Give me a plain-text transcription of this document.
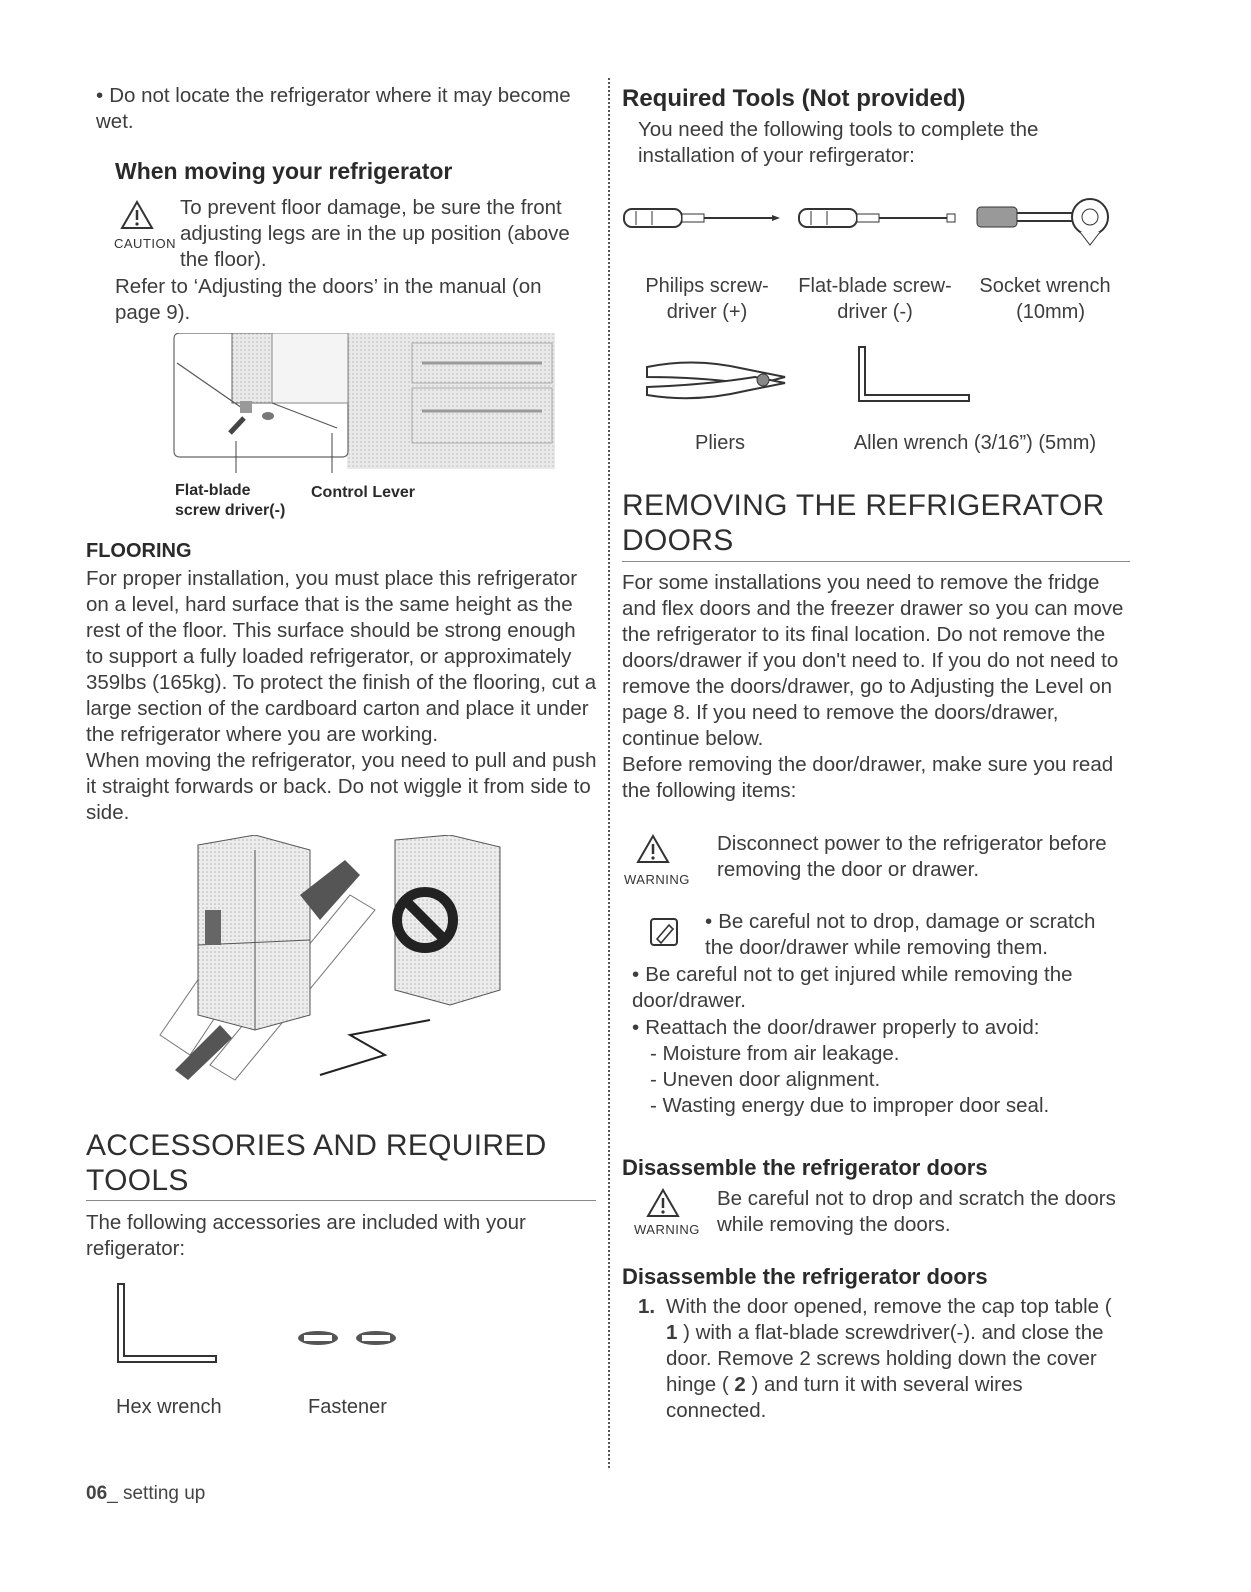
• Do not locate the refrigerator where it may become wet.
When moving your refrigerator
CAUTION
To prevent floor damage, be sure the front adjusting legs are in the up position (above the floor).
Refer to ‘Adjusting the doors’ in the manual (on page 9).
Flat-blade
screw driver(-)
Control Lever
FLOORING
For proper installation, you must place this refrigerator on a level, hard surface that is the same height as the rest of the floor. This surface should be strong enough to support a fully loaded refrigerator, or approximately 359lbs (165kg). To protect the finish of the flooring, cut a large section of the cardboard carton and place it under the refrigerator where you are working.
When moving the refrigerator, you need to pull and push it straight forwards or back. Do not wiggle it from side to side.
ACCESSORIES AND REQUIRED
TOOLS
The following accessories are included with your refigerator:
Hex wrench	Fastener
06_ setting up
Required Tools (Not provided)
You need the following tools to complete the installation of your refirgerator:
Philips screw-
driver (+)
Flat-blade screw-
driver (-)
Socket wrench
(10mm)
Pliers	Allen wrench (3/16”) (5mm)
REMOVING THE REFRIGERATOR
DOORS
For some installations you need to remove the fridge and flex doors and the freezer drawer so you can move the refrigerator to its final location. Do not remove the doors/drawer if you don't need to. If you do not need to remove the doors/drawer, go to Adjusting the Level on page 8. If you need to remove the doors/drawer, continue below.
Before removing the door/drawer, make sure you read the following items:
WARNING
Disconnect power to the refrigerator before removing the door or drawer.
• Be careful not to drop, damage or scratch the door/drawer while removing them.
• Be careful not to get injured while removing the door/drawer.
• Reattach the door/drawer properly to avoid:
- Moisture from air leakage.
- Uneven door alignment.
- Wasting energy due to improper door seal.
Disassemble the refrigerator doors
WARNING
Be careful not to drop and scratch the doors while removing the doors.
Disassemble the refrigerator doors
1. With the door opened, remove the cap top table ( 1 ) with a flat-blade screwdriver(-). and close the door. Remove 2 screws holding down the cover hinge ( 2 ) and turn it with several wires connected.
